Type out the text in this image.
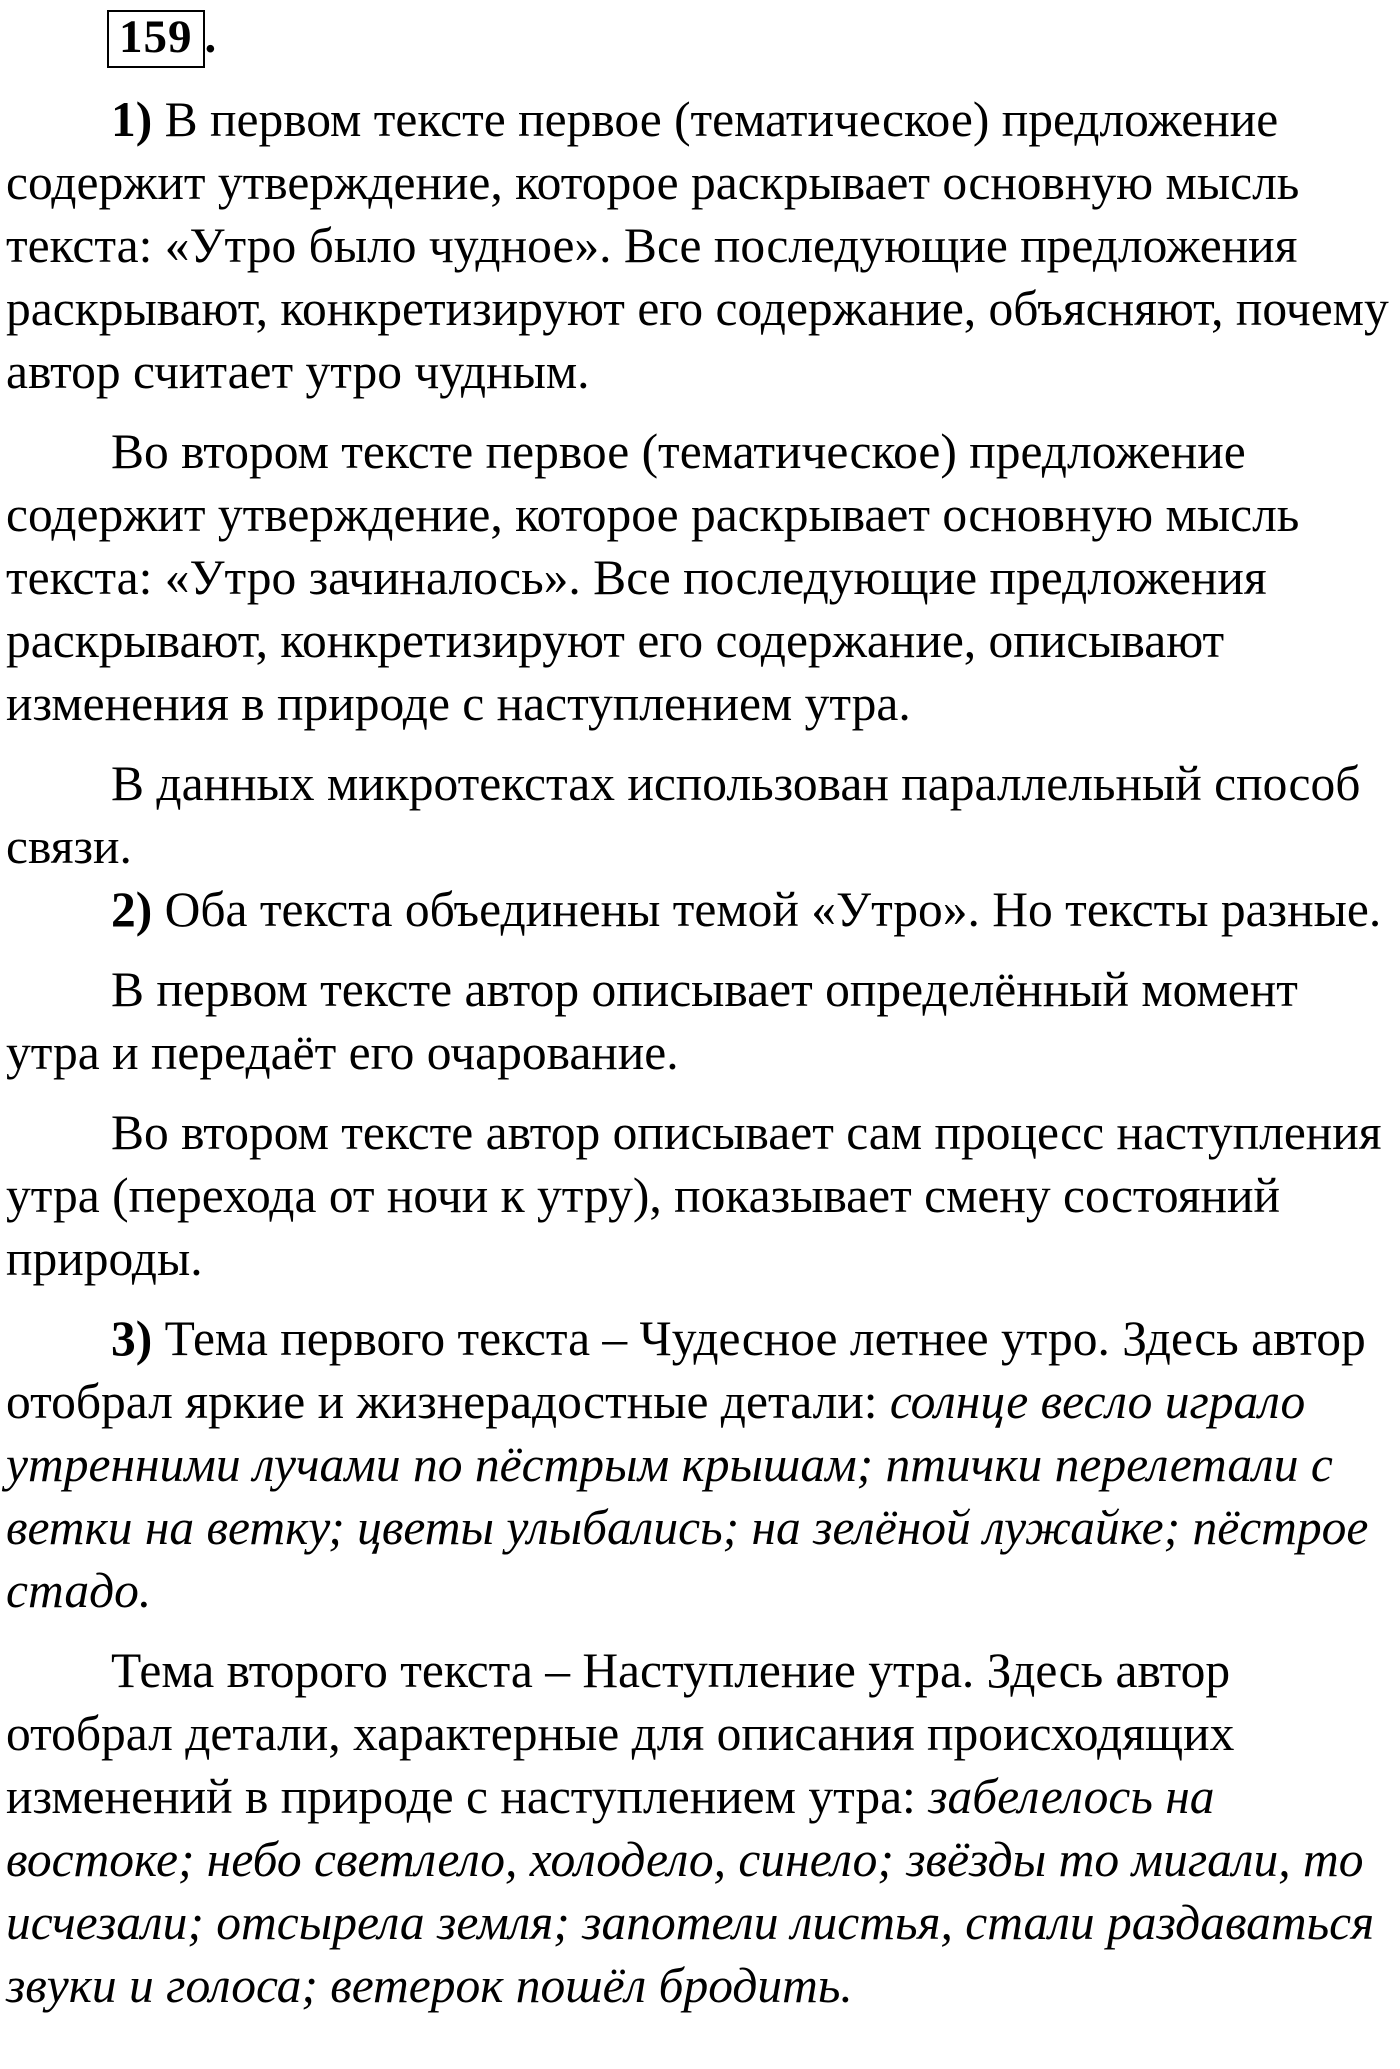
159 .

1) В первом тексте первое (тематическое) предложение содержит утверждение, которое раскрывает основную мысль текста: «Утро было чудное». Все последующие предложения раскрывают, конкретизируют его содержание, объясняют, почему автор считает утро чудным.

Во втором тексте первое (тематическое) предложение содержит утверждение, которое раскрывает основную мысль текста: «Утро зачиналось». Все последующие предложения раскрывают, конкретизируют его содержание, описывают изменения в природе с наступлением утра.

В данных микротекстах использован параллельный способ связи.

2) Оба текста объединены темой «Утро». Но тексты разные.

В первом тексте автор описывает определённый момент утра и передаёт его очарование.

Во втором тексте автор описывает сам процесс наступления утра (перехода от ночи к утру), показывает смену состояний природы.

3) Тема первого текста – Чудесное летнее утро. Здесь автор отобрал яркие и жизнерадостные детали: солнце весло играло утренними лучами по пёстрым крышам; птички перелетали с ветки на ветку; цветы улыбались; на зелёной лужайке; пёстрое стадо.

Тема второго текста – Наступление утра. Здесь автор отобрал детали, характерные для описания происходящих изменений в природе с наступлением утра: забелелось на востоке; небо светлело, холодело, синело; звёзды то мигали, то исчезали; отсырела земля; запотели листья, стали раздаваться звуки и голоса; ветерок пошёл бродить.
